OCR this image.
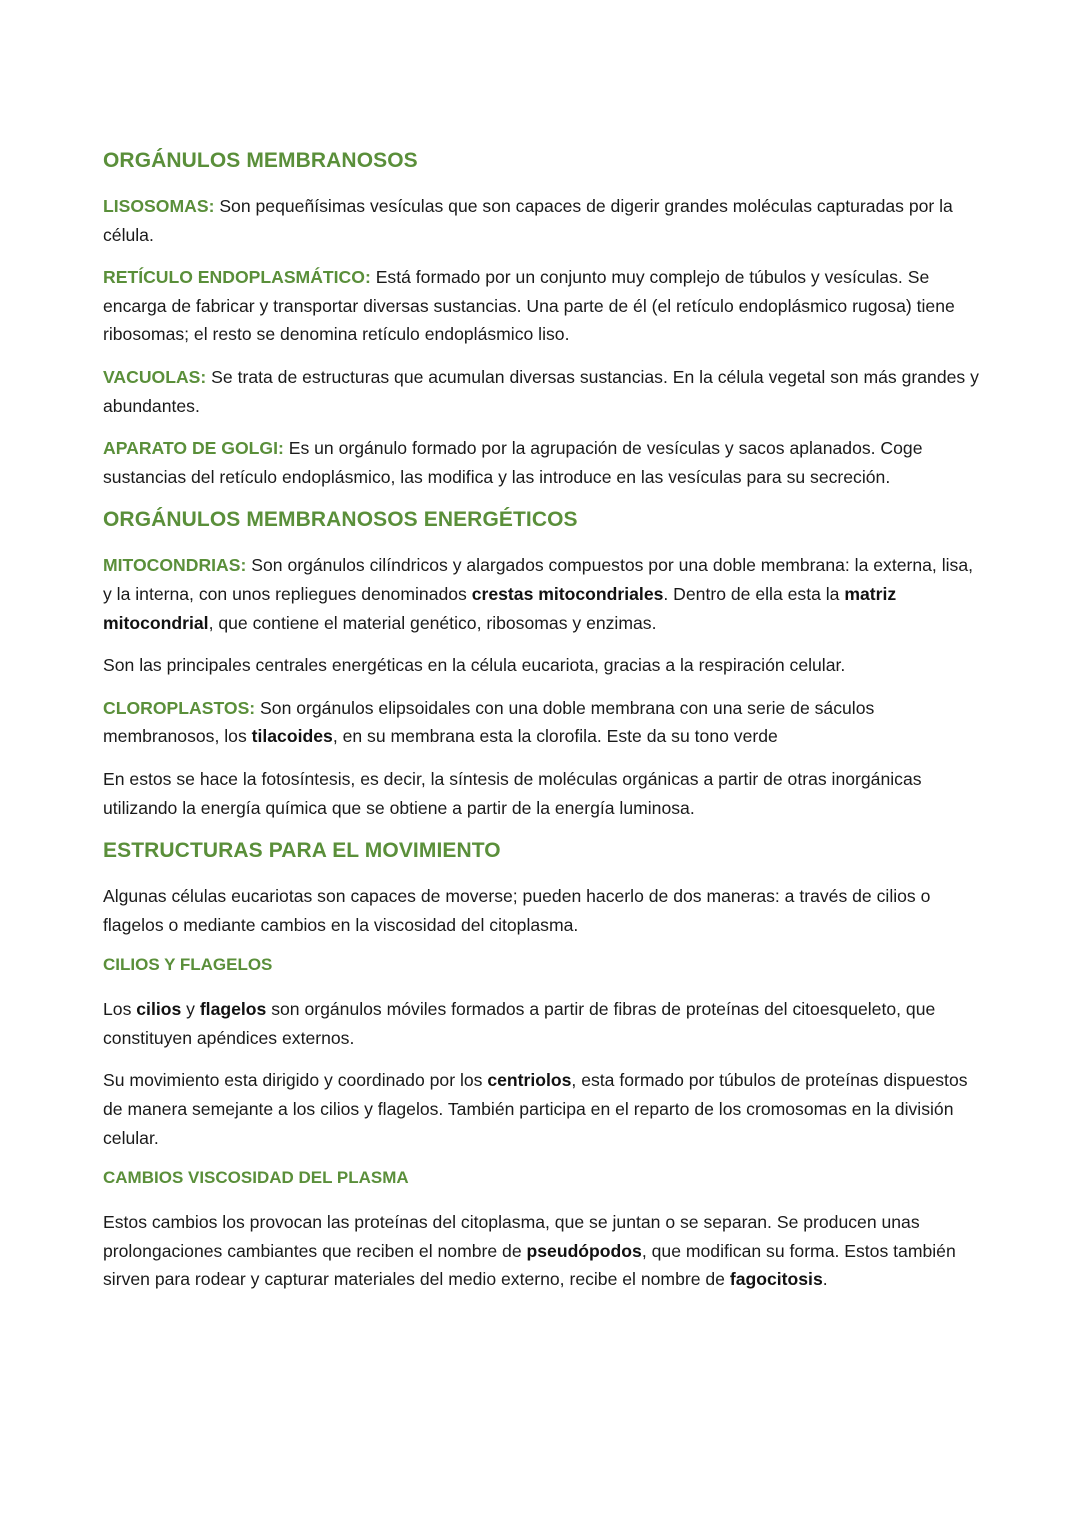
ORGÁNULOS MEMBRANOSOS

LISOSOMAS: Son pequeñísimas vesículas que son capaces de digerir grandes moléculas capturadas por la célula.

RETÍCULO ENDOPLASMÁTICO: Está formado por un conjunto muy complejo de túbulos y vesículas. Se encarga de fabricar y transportar diversas sustancias. Una parte de él (el retículo endoplásmico rugosa) tiene ribosomas; el resto se denomina retículo endoplásmico liso.

VACUOLAS: Se trata de estructuras que acumulan diversas sustancias. En la célula vegetal son más grandes y abundantes.

APARATO DE GOLGI: Es un orgánulo formado por la agrupación de vesículas y sacos aplanados. Coge sustancias del retículo endoplásmico, las modifica y las introduce en las vesículas para su secreción.

ORGÁNULOS MEMBRANOSOS ENERGÉTICOS

MITOCONDRIAS: Son orgánulos cilíndricos y alargados compuestos por una doble membrana: la externa, lisa, y la interna, con unos repliegues denominados crestas mitocondriales. Dentro de ella esta la matriz mitocondrial, que contiene el material genético, ribosomas y enzimas.

Son las principales centrales energéticas en la célula eucariota, gracias a la respiración celular.

CLOROPLASTOS: Son orgánulos elipsoidales con una doble membrana con una serie de sáculos membranosos, los tilacoides, en su membrana esta la clorofila. Este da su tono verde

En estos se hace la fotosíntesis, es decir, la síntesis de moléculas orgánicas a partir de otras inorgánicas utilizando la energía química que se obtiene a partir de la energía luminosa.

ESTRUCTURAS PARA EL MOVIMIENTO

Algunas células eucariotas son capaces de moverse; pueden hacerlo de dos maneras: a través de cilios o flagelos o mediante cambios en la viscosidad del citoplasma.

CILIOS Y FLAGELOS

Los cilios y flagelos son orgánulos móviles formados a partir de fibras de proteínas del citoesqueleto, que constituyen apéndices externos.

Su movimiento esta dirigido y coordinado por los centriolos, esta formado por túbulos de proteínas dispuestos de manera semejante a los cilios y flagelos. También participa en el reparto de los cromosomas en la división celular.

CAMBIOS VISCOSIDAD DEL PLASMA

Estos cambios los provocan las proteínas del citoplasma, que se juntan o se separan. Se producen unas prolongaciones cambiantes que reciben el nombre de pseudópodos, que modifican su forma. Estos también sirven para rodear y capturar materiales del medio externo, recibe el nombre de fagocitosis.
